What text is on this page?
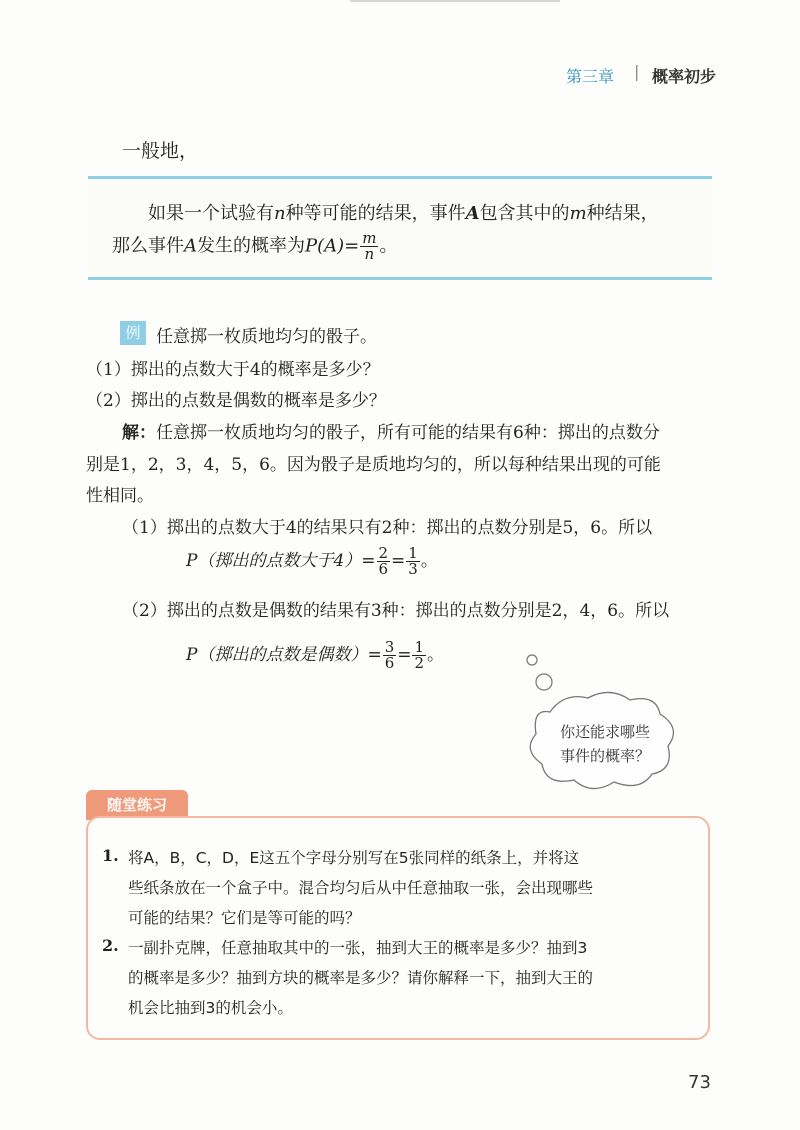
第三章 | 概率初步
一般地，
如果一个试验有n种等可能的结果，事件A包含其中的m种结果，
那么事件A发生的概率为$P(A)= \frac{m}{n}$ 。
例 任意掷一枚质地均匀的骰子。
（1）掷出的点数大于4的概率是多少？
（2）掷出的点数是偶数的概率是多少？
解：任意掷一枚质地均匀的骰子，所有可能的结果有6种：掷出的点数分
别是1，2，3，4，5，6。因为骰子是质地均匀的，所以每种结果出现的可能
性相同。
（1）掷出的点数大于4的结果只有2种：掷出的点数分别是5，6。所以
P（掷出的点数大于$4)= \frac{2}{6} = \frac{1}{3}$ 。
（2）掷出的点数是偶数的结果有3种：掷出的点数分别是2，4，6。所以
P（掷出的点数是偶数）= $\frac{3}{6} = \frac{1}{2}$ 。
你还能求哪些
事件的概率？
随堂练习
1. 将A，B，C，D，E这五个字母分别写在5张同样的纸条上，并将这
些纸条放在一个盒子中。混合均匀后从中任意抽取一张，会出现哪些
可能的结果？它们是等可能的吗？
2. 一副扑克牌，任意抽取其中的一张，抽到大王的概率是多少？抽到3
的概率是多少？抽到方块的概率是多少？请你解释一下，抽到大王的
机会比抽到3的机会小。
73
